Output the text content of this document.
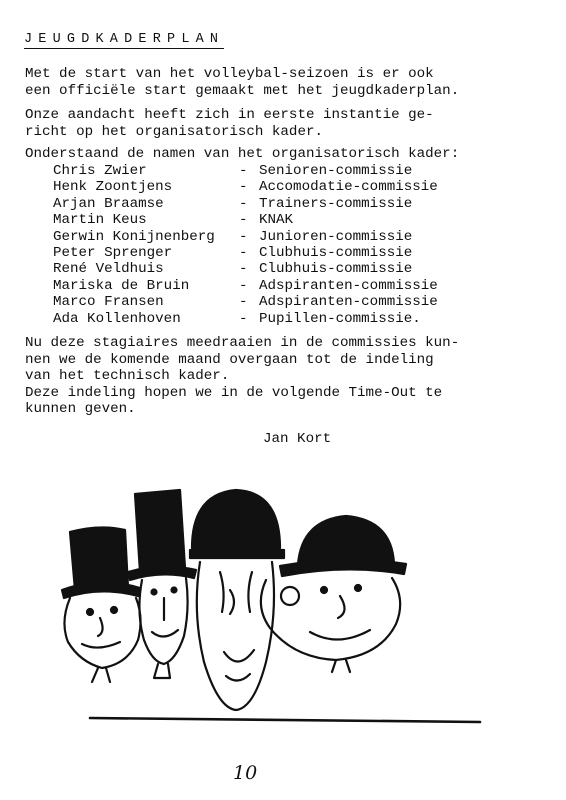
JEUGDKADERPLAN
Met de start van het volleybal-seizoen is er ook
een officiële start gemaakt met het jeugdkaderplan.
Onze aandacht heeft zich in eerste instantie ge-
richt op het organisatorisch kader.
Onderstaand de namen van het organisatorisch kader:
Chris Zwier	- Senioren-commissie
Henk Zoontjens	- Accomodatie-commissie
Arjan Braamse	- Trainers-commissie
Martin Keus	- KNAK
Gerwin Konijnenberg - Junioren-commissie
Peter Sprenger	- Clubhuis-commissie
René Veldhuis	- Clubhuis-commissie
Mariska de Bruin	- Adspiranten-commissie
Marco Fransen	- Adspiranten-commissie
Ada Kollenhoven	- Pupillen-commissie.
Nu deze stagiaires meedraaien in de commissies kun-
nen we de komende maand overgaan tot de indeling
van het technisch kader.
Deze indeling hopen we in de volgende Time-Out te
kunnen geven.
Jan Kort
10
